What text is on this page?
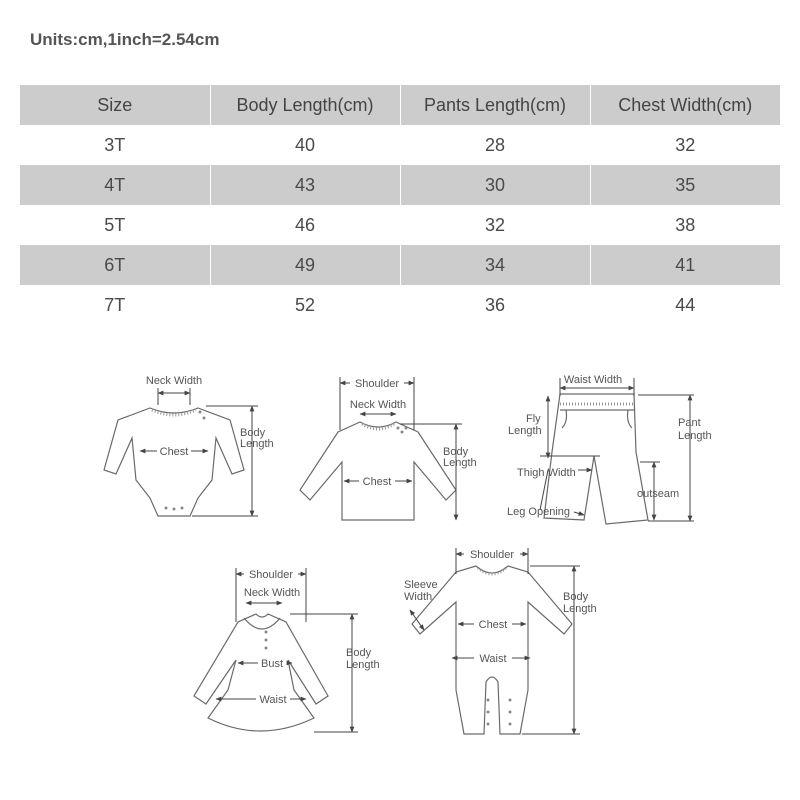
Units:cm,1inch=2.54cm
Size	Body Length(cm)	Pants Length(cm)	Chest Width(cm)
3T	40	28	32
4T	43	30	35
5T	46	32	38
6T	49	34	41
7T	52	36	44
Neck Width
Chest
Body
Length
Shoulder
Neck Width
Chest
Body
Length
Waist Width
Pant
Length
Fly
Length
Thigh Width
outseam
Leg Opening
Shoulder
Neck Width
Bust
Waist
Body
Length
Shoulder
Sleeve
Width
Chest
Waist
Body
Length
